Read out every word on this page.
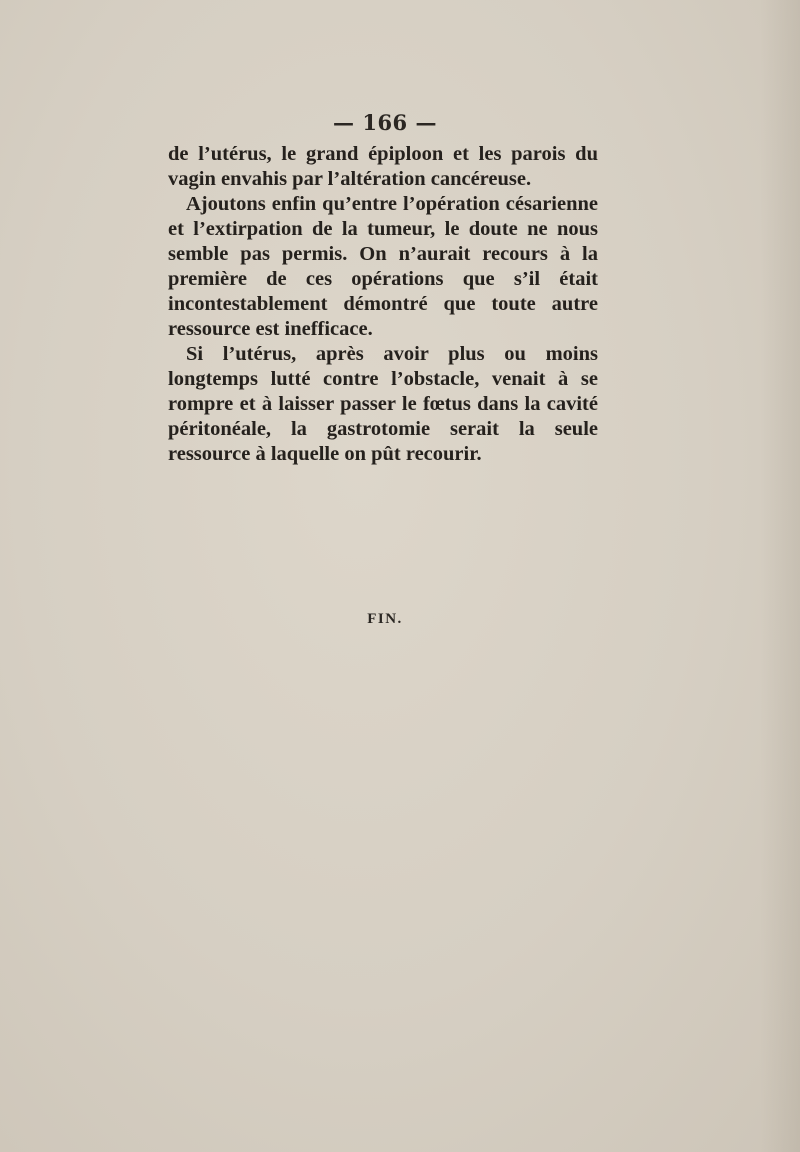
— 166 —

de l’utérus, le grand épiploon et les parois du vagin envahis par l’altération cancéreuse.

Ajoutons enfin qu’entre l’opération césarienne et l’extirpation de la tumeur, le doute ne nous semble pas permis. On n’aurait recours à la première de ces opérations que s’il était incontestablement démontré que toute autre ressource est inefficace.

Si l’utérus, après avoir plus ou moins longtemps lutté contre l’obstacle, venait à se rompre et à laisser passer le fœtus dans la cavité péritonéale, la gastrotomie serait la seule ressource à laquelle on pût recourir.

FIN.
